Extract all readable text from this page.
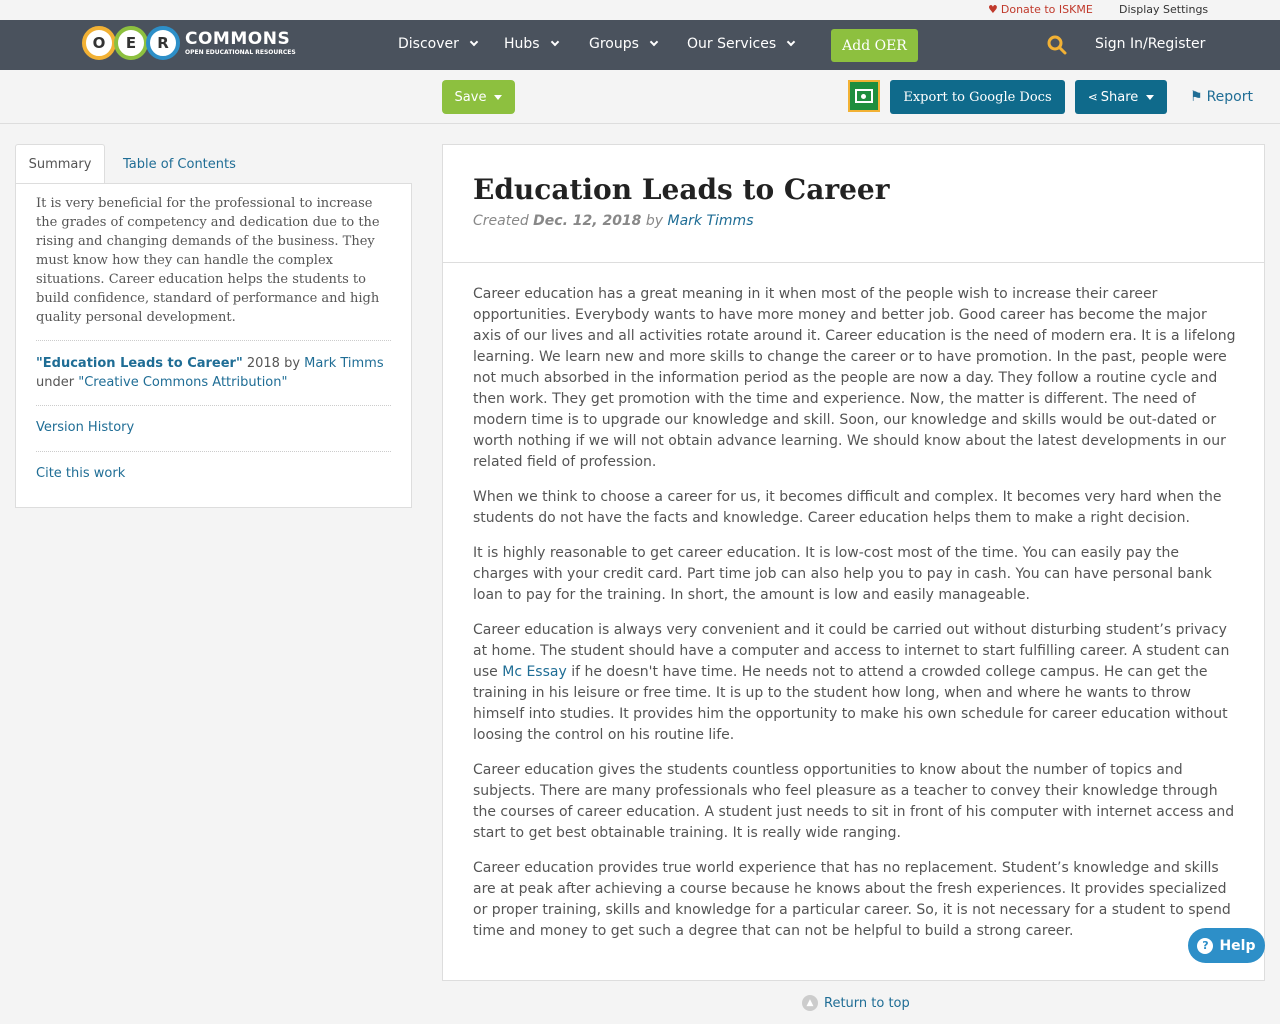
♥ Donate to ISKME Display Settings
O	E	R COMMONS
OPEN EDUCATIONAL RESOURCES	Discover	Hubs	Groups	Our Services	Add OER	Sign In/Register
Save	Export to Google Docs	⋖ Share	⚑ Report
Summary	Table of Contents
It is very beneficial for the professional to increase the grades of competency and dedication due to the rising and changing demands of the business. They must know how they can handle the complex situations. Career education helps the students to build confidence, standard of performance and high quality personal development.
"Education Leads to Career" 2018 by Mark Timms
under "Creative Commons Attribution"
Version History
Cite this work
Education Leads to Career
Created Dec. 12, 2018 by Mark Timms

Career education has a great meaning in it when most of the people wish to increase their career opportunities. Everybody wants to have more money and better job. Good career has become the major axis of our lives and all activities rotate around it. Career education is the need of modern era. It is a lifelong learning. We learn new and more skills to change the career or to have promotion. In the past, people were not much absorbed in the information period as the people are now a day. They follow a routine cycle and then work. They get promotion with the time and experience. Now, the matter is different. The need of modern time is to upgrade our knowledge and skill. Soon, our knowledge and skills would be out-dated or worth nothing if we will not obtain advance learning. We should know about the latest developments in our related field of profession.

When we think to choose a career for us, it becomes difficult and complex. It becomes very hard when the students do not have the facts and knowledge. Career education helps them to make a right decision.

It is highly reasonable to get career education. It is low-cost most of the time. You can easily pay the charges with your credit card. Part time job can also help you to pay in cash. You can have personal bank loan to pay for the training. In short, the amount is low and easily manageable.

Career education is always very convenient and it could be carried out without disturbing student’s privacy at home. The student should have a computer and access to internet to start fulfilling career. A student can use Mc Essay if he doesn't have time. He needs not to attend a crowded college campus. He can get the training in his leisure or free time. It is up to the student how long, when and where he wants to throw himself into studies. It provides him the opportunity to make his own schedule for career education without loosing the control on his routine life.

Career education gives the students countless opportunities to know about the number of topics and subjects. There are many professionals who feel pleasure as a teacher to convey their knowledge through the courses of career education. A student just needs to sit in front of his computer with internet access and start to get best obtainable training. It is really wide ranging.

Career education provides true world experience that has no replacement. Student’s knowledge and skills are at peak after achieving a course because he knows about the fresh experiences. It provides specialized or proper training, skills and knowledge for a particular career. So, it is not necessary for a student to spend time and money to get such a degree that can not be helpful to build a strong career.

? Help
▲ Return to top
